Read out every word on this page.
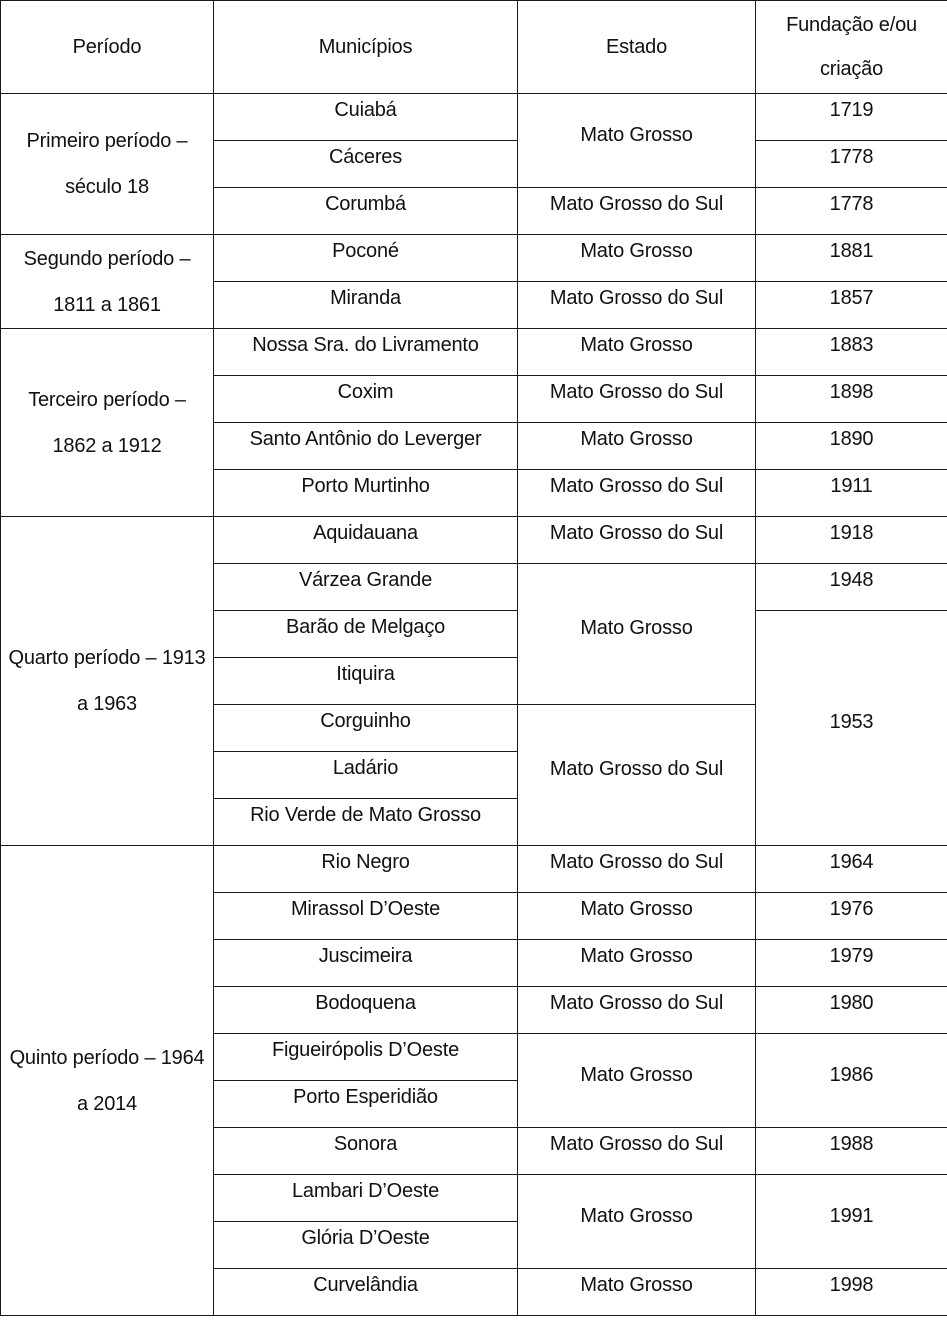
Período	Municípios	Estado	Fundação e/ou criação

Primeiro período – século 18	Cuiabá	Mato Grosso	1719

	Cáceres		1778

	Corumbá	Mato Grosso do Sul	1778

Segundo período – 1811 a 1861	Poconé	Mato Grosso	1881

	Miranda	Mato Grosso do Sul	1857

Terceiro período – 1862 a 1912	Nossa Sra. do Livramento	Mato Grosso	1883

	Coxim	Mato Grosso do Sul	1898

	Santo Antônio do Leverger	Mato Grosso	1890

	Porto Murtinho	Mato Grosso do Sul	1911

Quarto período – 1913 a 1963	Aquidauana	Mato Grosso do Sul	1918

	Várzea Grande	Mato Grosso	1948

	Barão de Melgaço		1953

	Itiquira		

	Corguinho	Mato Grosso do Sul	

	Ladário		

	Rio Verde de Mato Grosso		

Quinto período – 1964 a 2014	Rio Negro	Mato Grosso do Sul	1964

	Mirassol D’Oeste	Mato Grosso	1976

	Juscimeira	Mato Grosso	1979

	Bodoquena	Mato Grosso do Sul	1980

	Figueirópolis D’Oeste	Mato Grosso	1986

	Porto Esperidião		

	Sonora	Mato Grosso do Sul	1988

	Lambari D’Oeste	Mato Grosso	1991

	Glória D’Oeste		

	Curvelândia	Mato Grosso	1998
